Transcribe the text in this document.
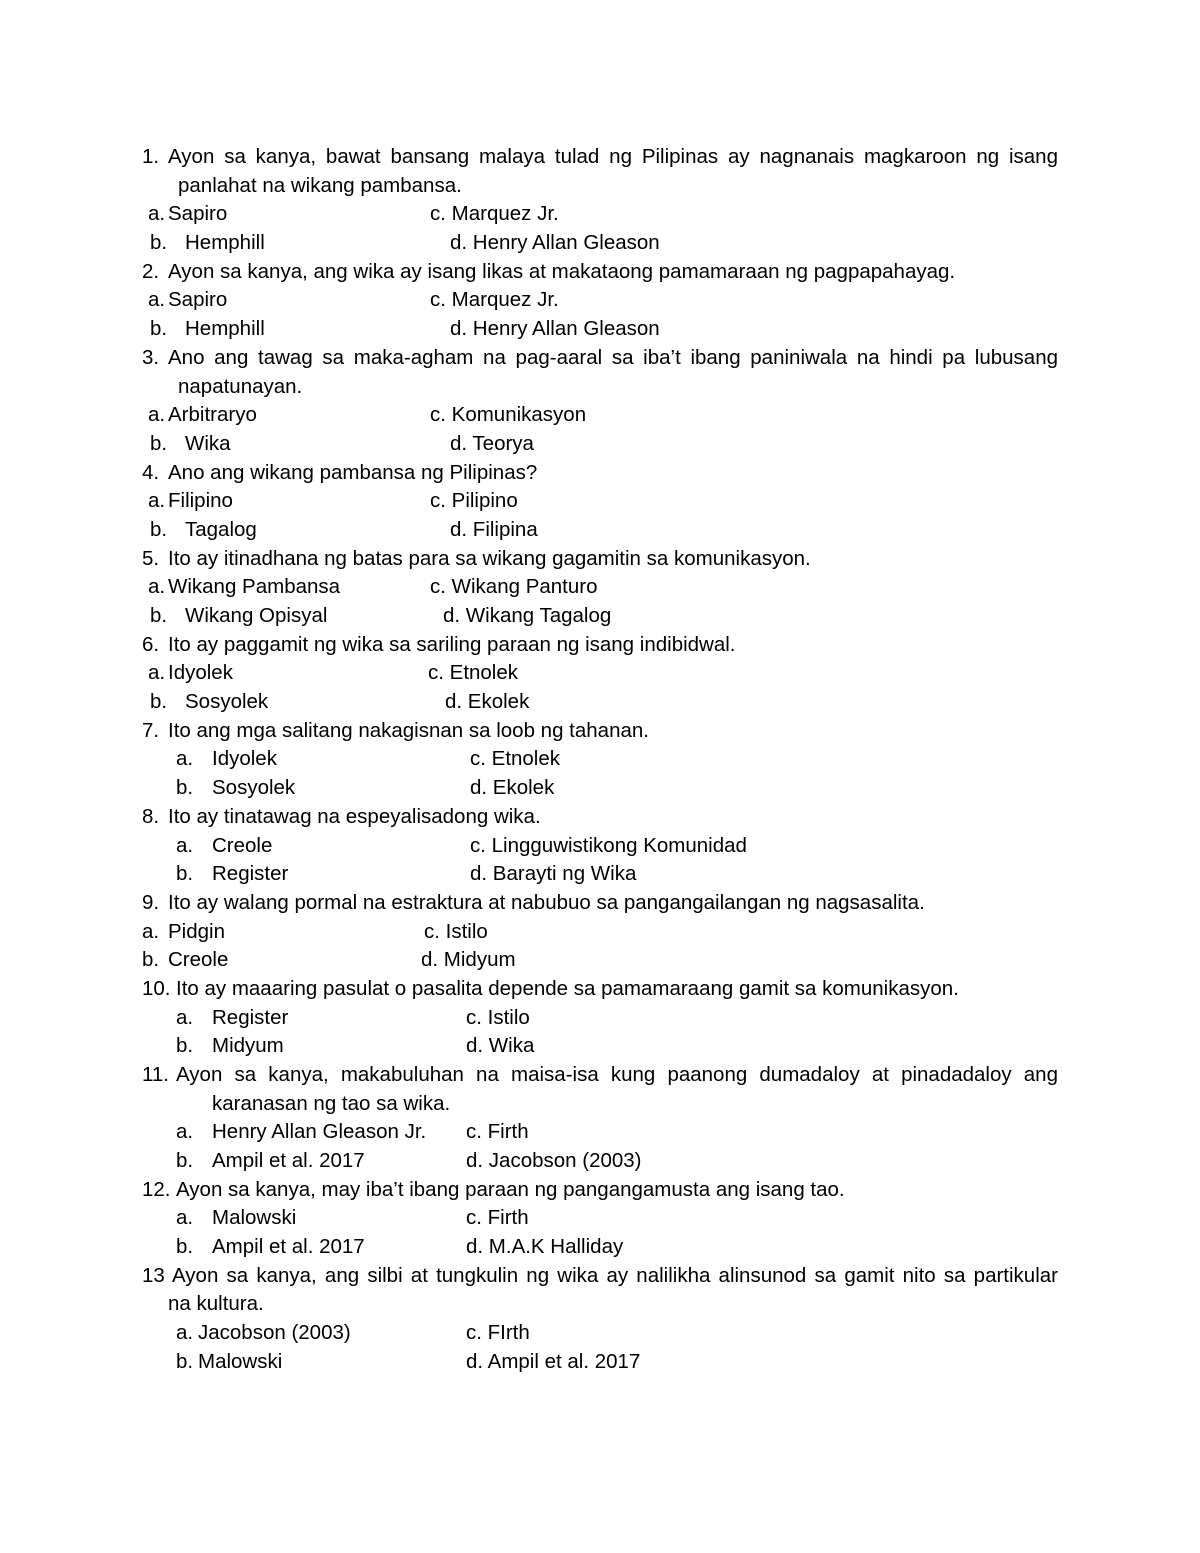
1. Ayon sa kanya, bawat bansang malaya tulad ng Pilipinas ay nagnanais magkaroon ng isang
panlahat na wikang pambansa.
a. Sapiro	c. Marquez Jr.
b. Hemphill	d. Henry Allan Gleason
2. Ayon sa kanya, ang wika ay isang likas at makataong pamamaraan ng pagpapahayag.
a. Sapiro	c. Marquez Jr.
b. Hemphill	d. Henry Allan Gleason
3. Ano ang tawag sa maka-agham na pag-aaral sa iba’t ibang paniniwala na hindi pa lubusang
napatunayan.
a. Arbitraryo	c. Komunikasyon
b. Wika	d. Teorya
4. Ano ang wikang pambansa ng Pilipinas?
a. Filipino	c. Pilipino
b. Tagalog	d. Filipina
5. Ito ay itinadhana ng batas para sa wikang gagamitin sa komunikasyon.
a. Wikang Pambansa	c. Wikang Panturo
b. Wikang Opisyal	d. Wikang Tagalog
6. Ito ay paggamit ng wika sa sariling paraan ng isang indibidwal.
a. Idyolek	c. Etnolek
b. Sosyolek	d. Ekolek
7. Ito ang mga salitang nakagisnan sa loob ng tahanan.
a. Idyolek	c. Etnolek
b. Sosyolek	d. Ekolek
8. Ito ay tinatawag na espeyalisadong wika.
a. Creole	c. Lingguwistikong Komunidad
b. Register	d. Barayti ng Wika
9. Ito ay walang pormal na estraktura at nabubuo sa pangangailangan ng nagsasalita.
a. Pidgin	c. Istilo
b. Creole	d. Midyum
10. Ito ay maaaring pasulat o pasalita depende sa pamamaraang gamit sa komunikasyon.
a. Register	c. Istilo
b. Midyum	d. Wika
11. Ayon sa kanya, makabuluhan na maisa-isa kung paanong dumadaloy at pinadadaloy ang
karanasan ng tao sa wika.
a. Henry Allan Gleason Jr. c. Firth
b. Ampil et al. 2017	d. Jacobson (2003)
12. Ayon sa kanya, may iba’t ibang paraan ng pangangamusta ang isang tao.
a. Malowski	c. Firth
b. Ampil et al. 2017	d. M.A.K Halliday
13 Ayon sa kanya, ang silbi at tungkulin ng wika ay nalilikha alinsunod sa gamit nito sa partikular
na kultura.
a. Jacobson (2003)	c. FIrth
b. Malowski	d. Ampil et al. 2017
